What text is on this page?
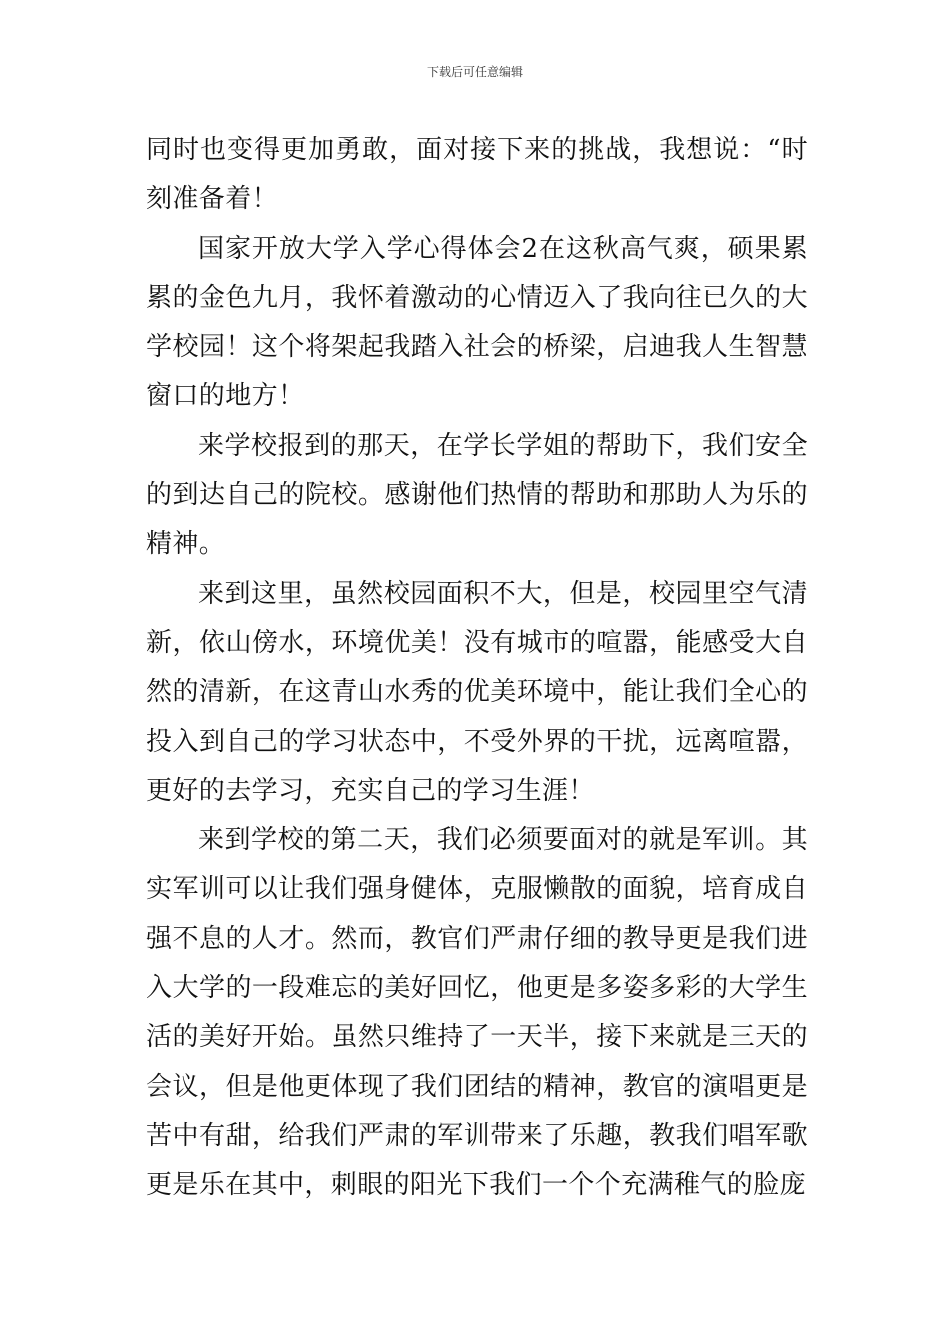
下载后可任意编辑

同时也变得更加勇敢，面对接下来的挑战，我想说：“时刻准备着！

国家开放大学入学心得体会2在这秋高气爽，硕果累累的金色九月，我怀着激动的心情迈入了我向往已久的大学校园！这个将架起我踏入社会的桥梁，启迪我人生智慧窗口的地方！

来学校报到的那天，在学长学姐的帮助下，我们安全的到达自己的院校。感谢他们热情的帮助和那助人为乐的精神。

来到这里，虽然校园面积不大，但是，校园里空气清新，依山傍水，环境优美！没有城市的喧嚣，能感受大自然的清新，在这青山水秀的优美环境中，能让我们全心的投入到自己的学习状态中，不受外界的干扰，远离喧嚣，更好的去学习，充实自己的学习生涯！

来到学校的第二天，我们必须要面对的就是军训。其实军训可以让我们强身健体，克服懒散的面貌，培育成自强不息的人才。然而，教官们严肃仔细的教导更是我们进入大学的一段难忘的美好回忆，他更是多姿多彩的大学生活的美好开始。虽然只维持了一天半，接下来就是三天的会议，但是他更体现了我们团结的精神，教官的演唱更是苦中有甜，给我们严肃的军训带来了乐趣，教我们唱军歌更是乐在其中，刺眼的阳光下我们一个个充满稚气的脸庞
